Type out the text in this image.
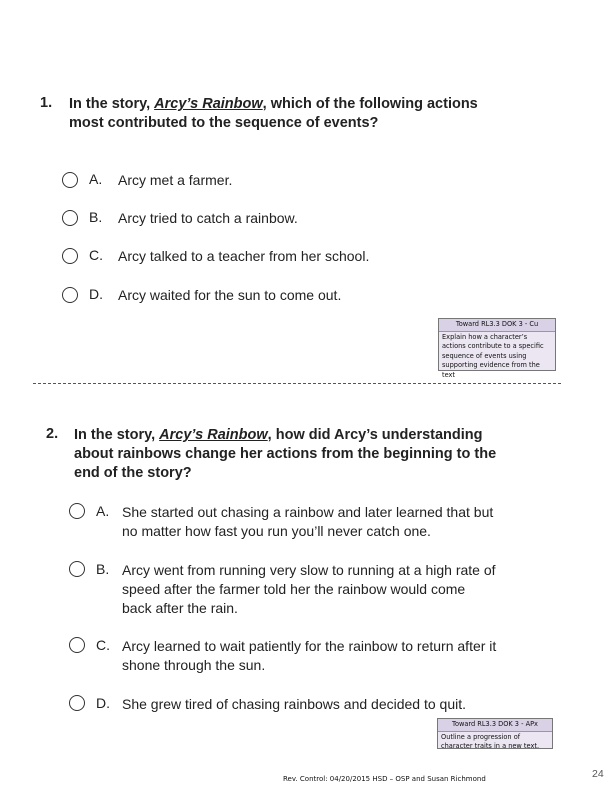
1. In the story, Arcy’s Rainbow, which of the following actions
most contributed to the sequence of events?
A. Arcy met a farmer.
B. Arcy tried to catch a rainbow.
C. Arcy talked to a teacher from her school.
D. Arcy waited for the sun to come out.
Toward RL3.3 DOK 3 - Cu
Explain how a character’s actions contribute to a specific sequence of events using supporting evidence from the text
2. In the story, Arcy’s Rainbow, how did Arcy’s understanding
about rainbows change her actions from the beginning to the
end of the story?
A. She started out chasing a rainbow and later learned that but
no matter how fast you run you’ll never catch one.
B. Arcy went from running very slow to running at a high rate of
speed after the farmer told her the rainbow would come
back after the rain.
C. Arcy learned to wait patiently for the rainbow to return after it
shone through the sun.
D. She grew tired of chasing rainbows and decided to quit.
Toward RL3.3 DOK 3 - APx
Outline a progression of character traits in a new text.
Rev. Control: 04/20/2015 HSD – OSP and Susan Richmond	24
